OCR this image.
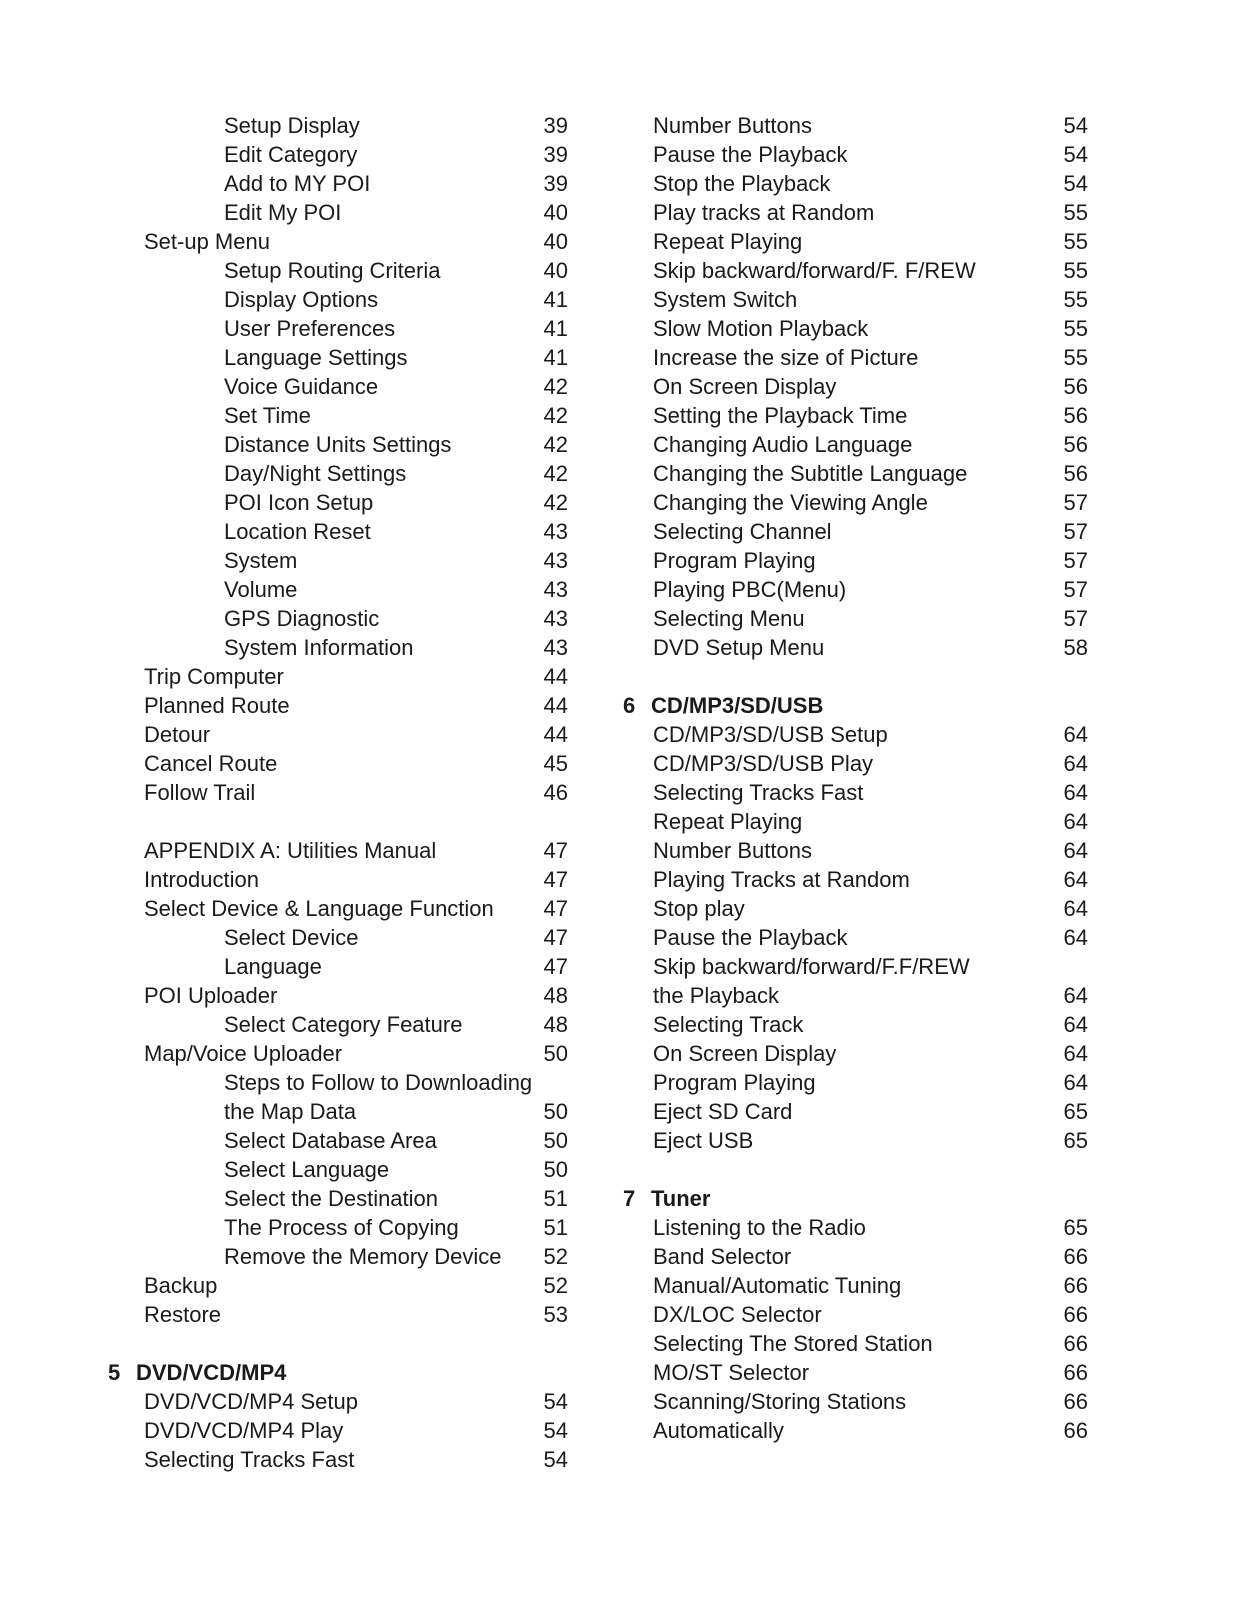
Setup Display	39
Edit Category	39
Add to MY POI	39
Edit My POI	40
Set-up Menu	40
Setup Routing Criteria	40
Display Options	41
User Preferences	41
Language Settings	41
Voice Guidance	42
Set Time	42
Distance Units Settings	42
Day/Night Settings	42
POI Icon Setup	42
Location Reset	43
System	43
Volume	43
GPS Diagnostic	43
System Information	43
Trip Computer	44
Planned Route	44
Detour	44
Cancel Route	45
Follow Trail	46
APPENDIX A: Utilities Manual	47
Introduction	47
Select Device & Language Function 47
Select Device	47
Language	47
POI Uploader	48
Select Category Feature	48
Map/Voice Uploader	50
Steps to Follow to Downloading
the Map Data	50
Select Database Area	50
Select Language	50
Select the Destination	51
The Process of Copying	51
Remove the Memory Device 52
Backup	52
Restore	53
5 DVD/VCD/MP4
DVD/VCD/MP4 Setup	54
DVD/VCD/MP4 Play	54
Selecting Tracks Fast	54
Number Buttons	54
Pause the Playback	54
Stop the Playback	54
Play tracks at Random	55
Repeat Playing	55
Skip backward/forward/F. F/REW	55
System Switch	55
Slow Motion Playback	55
Increase the size of Picture	55
On Screen Display	56
Setting the Playback Time	56
Changing Audio Language	56
Changing the Subtitle Language	56
Changing the Viewing Angle	57
Selecting Channel	57
Program Playing	57
Playing PBC(Menu)	57
Selecting Menu	57
DVD Setup Menu	58
6 CD/MP3/SD/USB
CD/MP3/SD/USB Setup	64
CD/MP3/SD/USB Play	64
Selecting Tracks Fast	64
Repeat Playing	64
Number Buttons	64
Playing Tracks at Random	64
Stop play	64
Pause the Playback	64
Skip backward/forward/F.F/REW
the Playback	64
Selecting Track	64
On Screen Display	64
Program Playing	64
Eject SD Card	65
Eject USB	65
7 Tuner
Listening to the Radio	65
Band Selector	66
Manual/Automatic Tuning	66
DX/LOC Selector	66
Selecting The Stored Station	66
MO/ST Selector	66
Scanning/Storing Stations	66
Automatically	66
